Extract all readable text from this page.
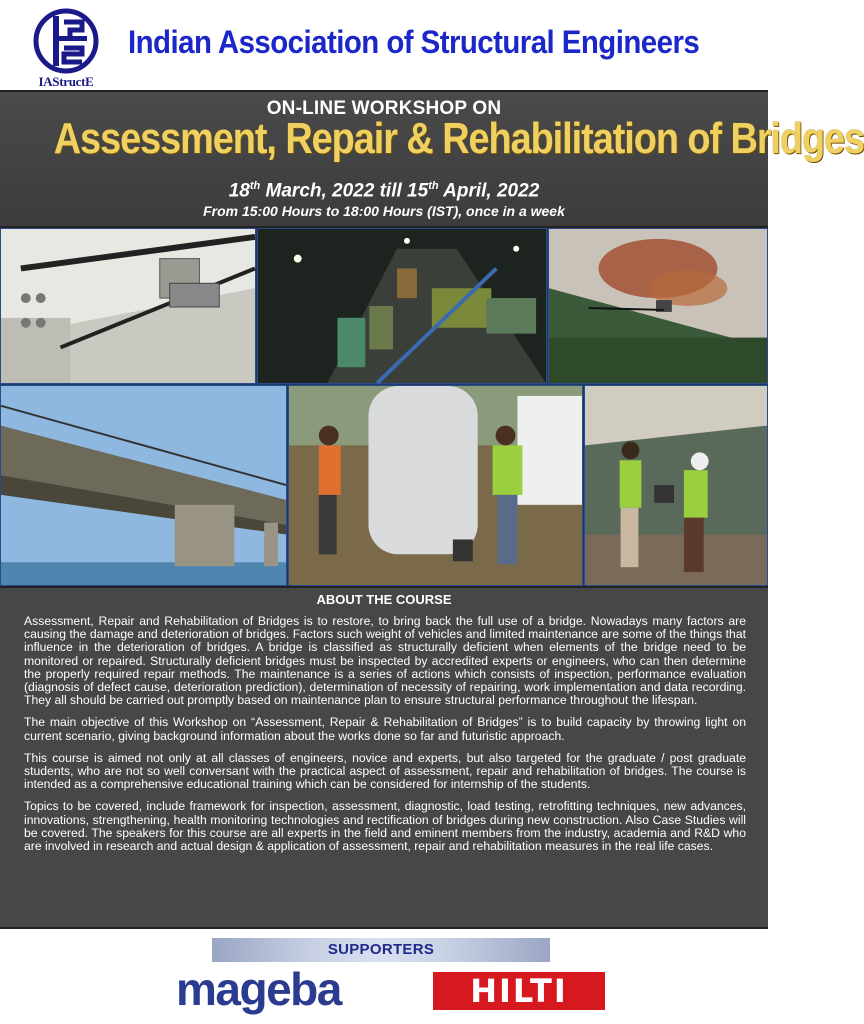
IAStructE
Indian Association of Structural Engineers
ON-LINE WORKSHOP ON
Assessment, Repair & Rehabilitation of Bridges
18th March, 2022 till 15th April, 2022
From 15:00 Hours to 18:00 Hours (IST), once in a week
ABOUT THE COURSE

Assessment, Repair and Rehabilitation of Bridges is to restore, to bring back the full use of a bridge. Nowadays many factors are causing the damage and deterioration of bridges. Factors such weight of vehicles and limited maintenance are some of the things that influence in the deterioration of bridges. A bridge is classified as structurally deficient when elements of the bridge need to be monitored or repaired. Structurally deficient bridges must be inspected by accredited experts or engineers, who can then determine the properly required repair methods. The maintenance is a series of actions which consists of inspection, performance evaluation (diagnosis of defect cause, deterioration prediction), determination of necessity of repairing, work implementation and data recording. They all should be carried out promptly based on maintenance plan to ensure structural performance throughout the lifespan.

The main objective of this Workshop on “Assessment, Repair & Rehabilitation of Bridges” is to build capacity by throwing light on current scenario, giving background information about the works done so far and futuristic approach.

This course is aimed not only at all classes of engineers, novice and experts, but also targeted for the graduate / post graduate students, who are not so well conversant with the practical aspect of assessment, repair and rehabilitation of bridges. The course is intended as a comprehensive educational training which can be considered for internship of the students.

Topics to be covered, include framework for inspection, assessment, diagnostic, load testing, retrofitting techniques, new advances, innovations, strengthening, health monitoring technologies and rectification of bridges during new construction. Also Case Studies will be covered. The speakers for this course are all experts in the field and eminent members from the industry, academia and R&D who are involved in research and actual design & application of assessment, repair and rehabilitation measures in the real life cases.

SUPPORTERS
mageba	HILTI
